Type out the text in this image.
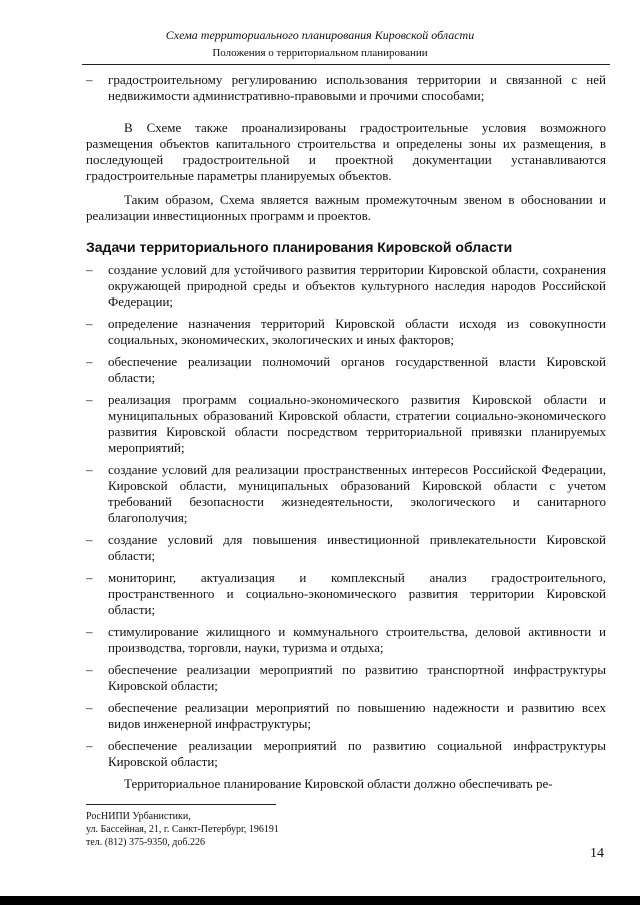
Схема территориального планирования Кировской области
Положения о территориальном планировании
– градостроительному регулированию использования территории и связанной с ней недвижимости административно-правовыми и прочими способами;

В Схеме также проанализированы градостроительные условия возможного размещения объектов капитального строительства и определены зоны их размещения, в последующей градостроительной и проектной документации устанавливаются градостроительные параметры планируемых объектов.

Таким образом, Схема является важным промежуточным звеном в обосновании и реализации инвестиционных программ и проектов.

Задачи территориального планирования Кировской области
– создание условий для устойчивого развития территории Кировской области, сохранения окружающей природной среды и объектов культурного наследия народов Российской Федерации;
– определение назначения территорий Кировской области исходя из совокупности социальных, экономических, экологических и иных факторов;
– обеспечение реализации полномочий органов государственной власти Кировской области;
– реализация программ социально-экономического развития Кировской области и муниципальных образований Кировской области, стратегии социально-экономического развития Кировской области посредством территориальной привязки планируемых мероприятий;
– создание условий для реализации пространственных интересов Российской Федерации, Кировской области, муниципальных образований Кировской области с учетом требований безопасности жизнедеятельности, экологического и санитарного благополучия;
– создание условий для повышения инвестиционной привлекательности Кировской области;
– мониторинг, актуализация и комплексный анализ градостроительного, пространственного и социально-экономического развития территории Кировской области;
– стимулирование жилищного и коммунального строительства, деловой активности и производства, торговли, науки, туризма и отдыха;
– обеспечение реализации мероприятий по развитию транспортной инфраструктуры Кировской области;
– обеспечение реализации мероприятий по повышению надежности и развитию всех видов инженерной инфраструктуры;
– обеспечение реализации мероприятий по развитию социальной инфраструктуры Кировской области;

Территориальное планирование Кировской области должно обеспечивать ре-

РосНИПИ Урбанистики,
ул. Бассейная, 21, г. Санкт-Петербург, 196191
тел. (812) 375-9350, доб.226
14
